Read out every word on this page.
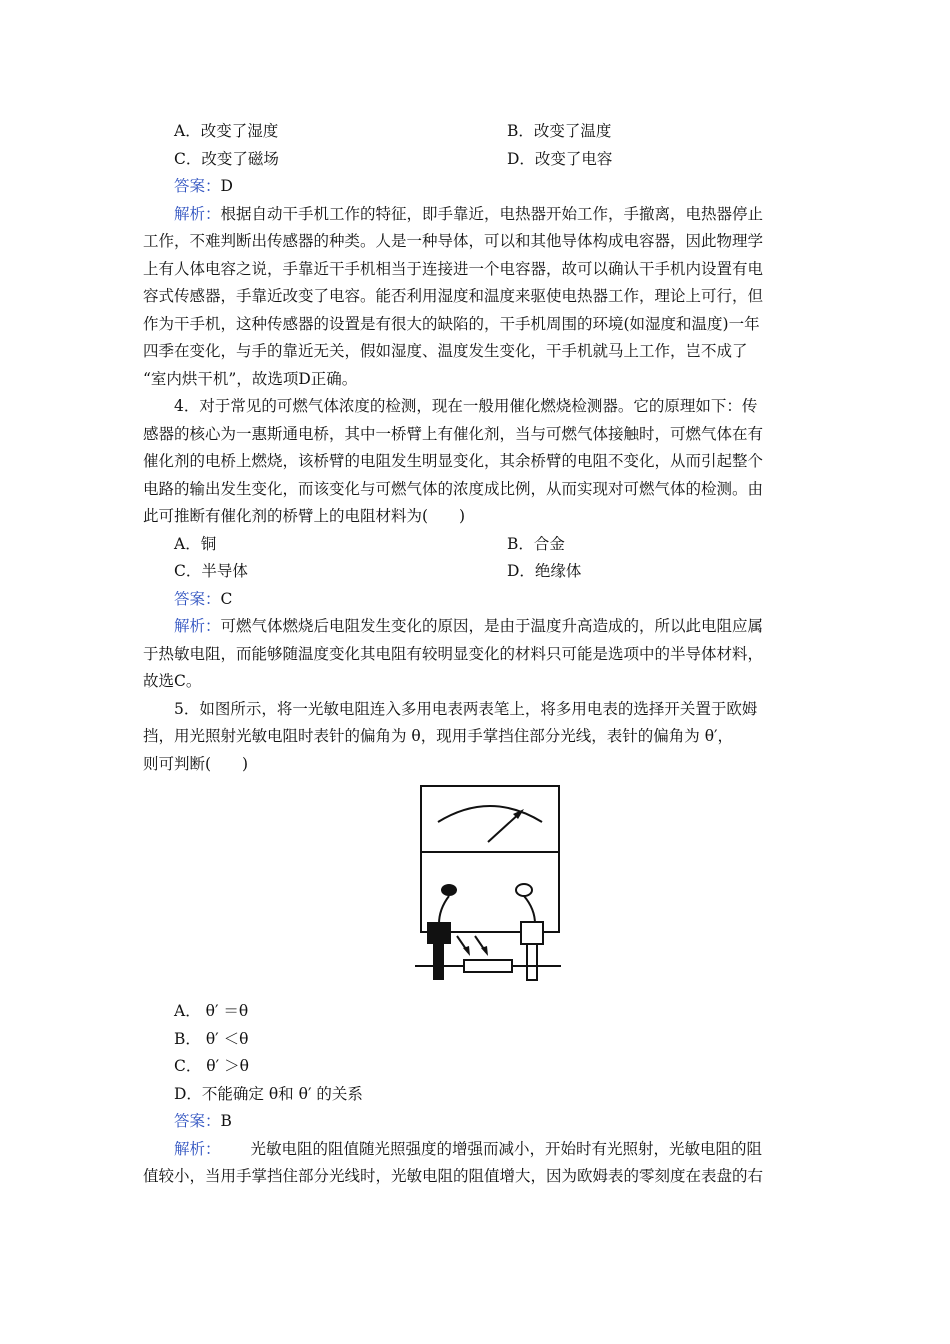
A．改变了湿度	B．改变了温度
C．改变了磁场	D．改变了电容
答案：D
解析：根据自动干手机工作的特征，即手靠近，电热器开始工作，手撤离，电热器停止
工作，不难判断出传感器的种类。人是一种导体，可以和其他导体构成电容器，因此物理学
上有人体电容之说，手靠近干手机相当于连接进一个电容器，故可以确认干手机内设置有电
容式传感器，手靠近改变了电容。能否利用湿度和温度来驱使电热器工作，理论上可行，但
作为干手机，这种传感器的设置是有很大的缺陷的，干手机周围的环境(如湿度和温度)一年
四季在变化，与手的靠近无关，假如湿度、温度发生变化，干手机就马上工作，岂不成了
“室内烘干机”，故选项D正确。
4．对于常见的可燃气体浓度的检测，现在一般用催化燃烧检测器。它的原理如下：传
感器的核心为一惠斯通电桥，其中一桥臂上有催化剂，当与可燃气体接触时，可燃气体在有
催化剂的电桥上燃烧，该桥臂的电阻发生明显变化，其余桥臂的电阻不变化，从而引起整个
电路的输出发生变化，而该变化与可燃气体的浓度成比例，从而实现对可燃气体的检测。由
此可推断有催化剂的桥臂上的电阻材料为(　　)
A．铜	B．合金
C．半导体	D．绝缘体
答案：C
解析：可燃气体燃烧后电阻发生变化的原因，是由于温度升高造成的，所以此电阻应属
于热敏电阻，而能够随温度变化其电阻有较明显变化的材料只可能是选项中的半导体材料，
故选C。
5．如图所示，将一光敏电阻连入多用电表两表笔上，将多用电表的选择开关置于欧姆
挡，用光照射光敏电阻时表针的偏角为 θ，现用手掌挡住部分光线，表针的偏角为 θ′，
则可判断(　　)
A． θ′ ＝θ
B． θ′ ＜θ
C． θ′ ＞θ
D．不能确定 θ和 θ′ 的关系
答案：B
解析： 光敏电阻的阻值随光照强度的增强而减小，开始时有光照射，光敏电阻的阻
值较小，当用手掌挡住部分光线时，光敏电阻的阻值增大，因为欧姆表的零刻度在表盘的右
